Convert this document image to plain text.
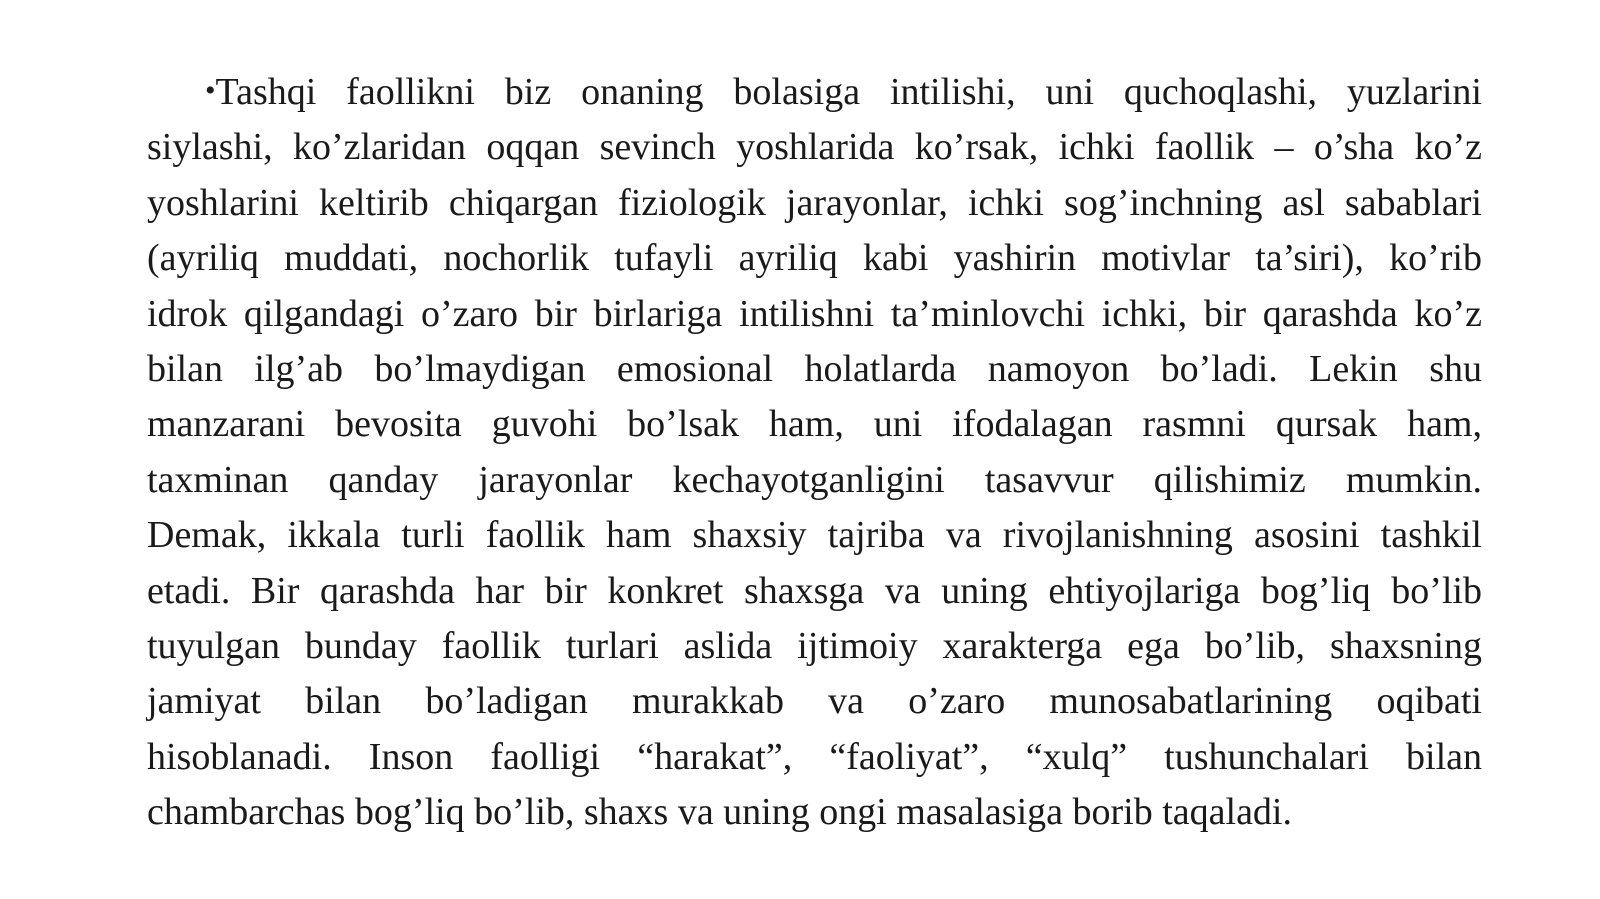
•Tashqi faollikni biz onaning bolasiga intilishi, uni quchoqlashi, yuzlarini
siylashi, ko’zlaridan oqqan sevinch yoshlarida ko’rsak, ichki faollik – o’sha ko’z
yoshlarini keltirib chiqargan fiziologik jarayonlar, ichki sog’inchning asl sabablari
(ayriliq muddati, nochorlik tufayli ayriliq kabi yashirin motivlar ta’siri), ko’rib
idrok qilgandagi o’zaro bir birlariga intilishni ta’minlovchi ichki, bir qarashda ko’z
bilan ilg’ab bo’lmaydigan emosional holatlarda namoyon bo’ladi. Lekin shu
manzarani bevosita guvohi bo’lsak ham, uni ifodalagan rasmni qursak ham,
taxminan qanday jarayonlar kechayotganligini tasavvur qilishimiz mumkin.
Demak, ikkala turli faollik ham shaxsiy tajriba va rivojlanishning asosini tashkil
etadi. Bir qarashda har bir konkret shaxsga va uning ehtiyojlariga bog’liq bo’lib
tuyulgan bunday faollik turlari aslida ijtimoiy xarakterga ega bo’lib, shaxsning
jamiyat bilan bo’ladigan murakkab va o’zaro munosabatlarining oqibati
hisoblanadi. Inson faolligi “harakat”, “faoliyat”, “xulq” tushunchalari bilan
chambarchas bog’liq bo’lib, shaxs va uning ongi masalasiga borib taqaladi.
